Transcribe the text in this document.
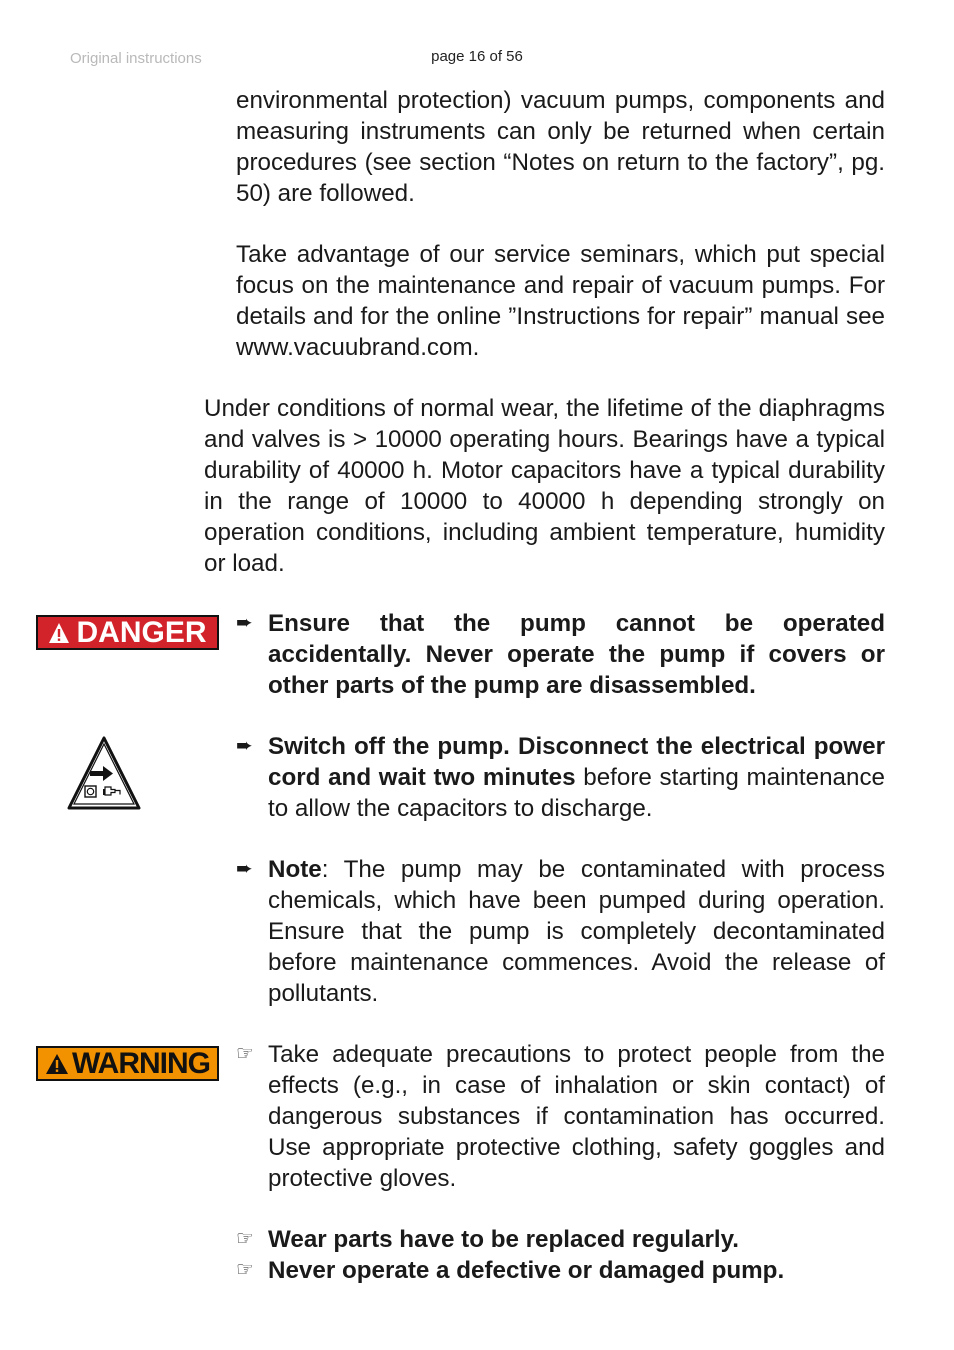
Original instructions	page 16 of 56

environmental protection) vacuum pumps, components and measuring instruments can only be returned when certain procedures (see section “Notes on return to the factory”, pg. 50) are followed.

Take advantage of our service seminars, which put special focus on the maintenance and repair of vacuum pumps. For details and for the online ”Instructions for repair” manual see www.vacuubrand.com.

Under conditions of normal wear, the lifetime of the diaphragms and valves is > 10000 operating hours. Bearings have a typical durability of 40000 h. Motor capacitors have a typical durability in the range of 10000 to 40000 h depending strongly on operation conditions, including ambient temperature, humidity or load.

DANGER ➨ Ensure that the pump cannot be operated accidentally. Never operate the pump if covers or other parts of the pump are disassembled.
➨ Switch off the pump. Disconnect the electrical power cord and wait two minutes before starting maintenance to allow the capacitors to discharge.
➨ Note: The pump may be contaminated with process chemicals, which have been pumped during operation. Ensure that the pump is completely decontaminated before maintenance commences. Avoid the release of pollutants.
WARNING ☞ Take adequate precautions to protect people from the effects (e.g., in case of inhalation or skin contact) of dangerous substances if contamination has occurred. Use appropriate protective clothing, safety goggles and protective gloves.
☞ Wear parts have to be replaced regularly.
☞ Never operate a defective or damaged pump.
